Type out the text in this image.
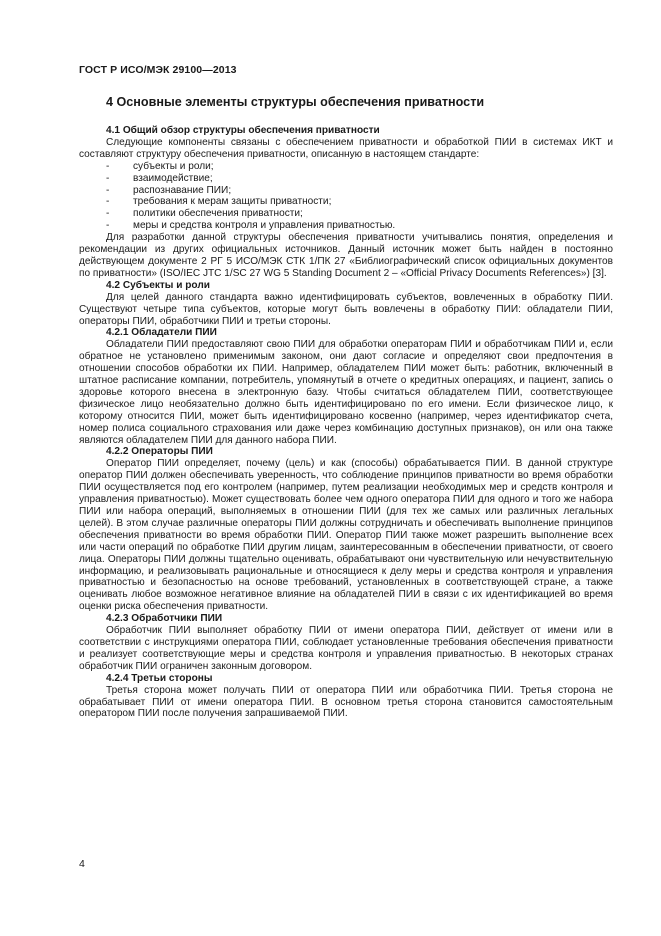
ГОСТ Р ИСО/МЭК 29100—2013
4 Основные элементы структуры обеспечения приватности
4.1 Общий обзор структуры обеспечения приватности
Следующие компоненты связаны с обеспечением приватности и обработкой ПИИ в системах ИКТ и составляют структуру обеспечения приватности, описанную в настоящем стандарте:
- субъекты и роли;
- взаимодействие;
- распознавание ПИИ;
- требования к мерам защиты приватности;
- политики обеспечения приватности;
- меры и средства контроля и управления приватностью.
Для разработки данной структуры обеспечения приватности учитывались понятия, определения и рекомендации из других официальных источников. Данный источник может быть найден в постоянно действующем документе 2 РГ 5 ИСО/МЭК СТК 1/ПК 27 «Библиографический список официальных документов по приватности» (ISO/IEC JTC 1/SC 27 WG 5 Standing Document 2 – «Official Privacy Documents References») [3].
4.2 Субъекты и роли
Для целей данного стандарта важно идентифицировать субъектов, вовлеченных в обработку ПИИ. Существуют четыре типа субъектов, которые могут быть вовлечены в обработку ПИИ: обладатели ПИИ, операторы ПИИ, обработчики ПИИ и третьи стороны.
4.2.1 Обладатели ПИИ
Обладатели ПИИ предоставляют свою ПИИ для обработки операторам ПИИ и обработчикам ПИИ и, если обратное не установлено применимым законом, они дают согласие и определяют свои предпочтения в отношении способов обработки их ПИИ. Например, обладателем ПИИ может быть: работник, включенный в штатное расписание компании, потребитель, упомянутый в отчете о кредитных операциях, и пациент, запись о здоровье которого внесена в электронную базу. Чтобы считаться обладателем ПИИ, соответствующее физическое лицо необязательно должно быть идентифицировано по его имени. Если физическое лицо, к которому относится ПИИ, может быть идентифицировано косвенно (например, через идентификатор счета, номер полиса социального страхования или даже через комбинацию доступных признаков), он или она также являются обладателем ПИИ для данного набора ПИИ.
4.2.2 Операторы ПИИ
Оператор ПИИ определяет, почему (цель) и как (способы) обрабатывается ПИИ. В данной структуре оператор ПИИ должен обеспечивать уверенность, что соблюдение принципов приватности во время обработки ПИИ осуществляется под его контролем (например, путем реализации необходимых мер и средств контроля и управления приватностью). Может существовать более чем одного оператора ПИИ для одного и того же набора ПИИ или набора операций, выполняемых в отношении ПИИ (для тех же самых или различных легальных целей). В этом случае различные операторы ПИИ должны сотрудничать и обеспечивать выполнение принципов обеспечения приватности во время обработки ПИИ. Оператор ПИИ также может разрешить выполнение всех или части операций по обработке ПИИ другим лицам, заинтересованным в обеспечении приватности, от своего лица. Операторы ПИИ должны тщательно оценивать, обрабатывают они чувствительную или нечувствительную информацию, и реализовывать рациональные и относящиеся к делу меры и средства контроля и управления приватностью и безопасностью на основе требований, установленных в соответствующей стране, а также оценивать любое возможное негативное влияние на обладателей ПИИ в связи с их идентификацией во время оценки риска обеспечения приватности.
4.2.3 Обработчики ПИИ
Обработчик ПИИ выполняет обработку ПИИ от имени оператора ПИИ, действует от имени или в соответствии с инструкциями оператора ПИИ, соблюдает установленные требования обеспечения приватности и реализует соответствующие меры и средства контроля и управления приватностью. В некоторых странах обработчик ПИИ ограничен законным договором.
4.2.4 Третьи стороны
Третья сторона может получать ПИИ от оператора ПИИ или обработчика ПИИ. Третья сторона не обрабатывает ПИИ от имени оператора ПИИ. В основном третья сторона становится самостоятельным оператором ПИИ после получения запрашиваемой ПИИ.
4
